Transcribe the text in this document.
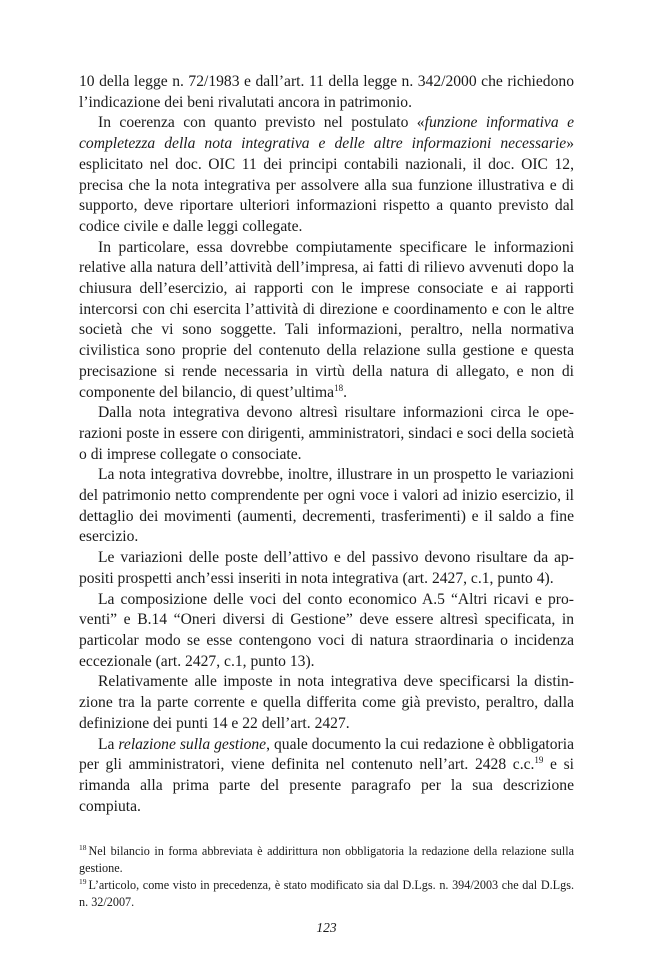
10 della legge n. 72/1983 e dall’art. 11 della legge n. 342/2000 che richiedono l’indicazione dei beni rivalutati ancora in patrimonio.

In coerenza con quanto previsto nel postulato «funzione informativa e completezza della nota integrativa e delle altre informazioni necessarie» esplicitato nel doc. OIC 11 dei principi contabili nazionali, il doc. OIC 12, precisa che la nota integrativa per assolvere alla sua funzione illustrativa e di supporto, deve riportare ulteriori informazioni rispetto a quanto previsto dal codice civile e dalle leggi collegate.

In particolare, essa dovrebbe compiutamente specificare le informazioni relative alla natura dell’attività dell’impresa, ai fatti di rilievo avvenuti dopo la chiusura dell’esercizio, ai rapporti con le imprese consociate e ai rapporti intercorsi con chi esercita l’attività di direzione e coordinamento e con le altre società che vi sono soggette. Tali informazioni, peraltro, nella normativa civilistica sono proprie del contenuto della relazione sulla gestione e questa precisazione si rende necessaria in virtù della natura di allegato, e non di componente del bilancio, di quest’ultima$^{18}$.

Dalla nota integrativa devono altresì risultare informazioni circa le operazioni poste in essere con dirigenti, amministratori, sindaci e soci della società o di imprese collegate o consociate.

La nota integrativa dovrebbe, inoltre, illustrare in un prospetto le variazioni del patrimonio netto comprendente per ogni voce i valori ad inizio esercizio, il dettaglio dei movimenti (aumenti, decrementi, trasferimenti) e il saldo a fine esercizio.

Le variazioni delle poste dell’attivo e del passivo devono risultare da appositi prospetti anch’essi inseriti in nota integrativa (art. 2427, c.1, punto 4).

La composizione delle voci del conto economico A.5 “Altri ricavi e proventi” e B.14 “Oneri diversi di Gestione” deve essere altresì specificata, in particolar modo se esse contengono voci di natura straordinaria o incidenza eccezionale (art. 2427, c.1, punto 13).

Relativamente alle imposte in nota integrativa deve specificarsi la distinzione tra la parte corrente e quella differita come già previsto, peraltro, dalla definizione dei punti 14 e 22 dell’art. 2427.

La relazione sulla gestione, quale documento la cui redazione è obbligatoria per gli amministratori, viene definita nel contenuto nell’art. 2428 c.c.$^{19}$ e si rimanda alla prima parte del presente paragrafo per la sua descrizione compiuta.

$^{18}$ Nel bilancio in forma abbreviata è addirittura non obbligatoria la redazione della relazione sulla gestione.

$^{19}$ L’articolo, come visto in precedenza, è stato modificato sia dal D.Lgs. n. 394/2003 che dal D.Lgs. n. 32/2007.

123
